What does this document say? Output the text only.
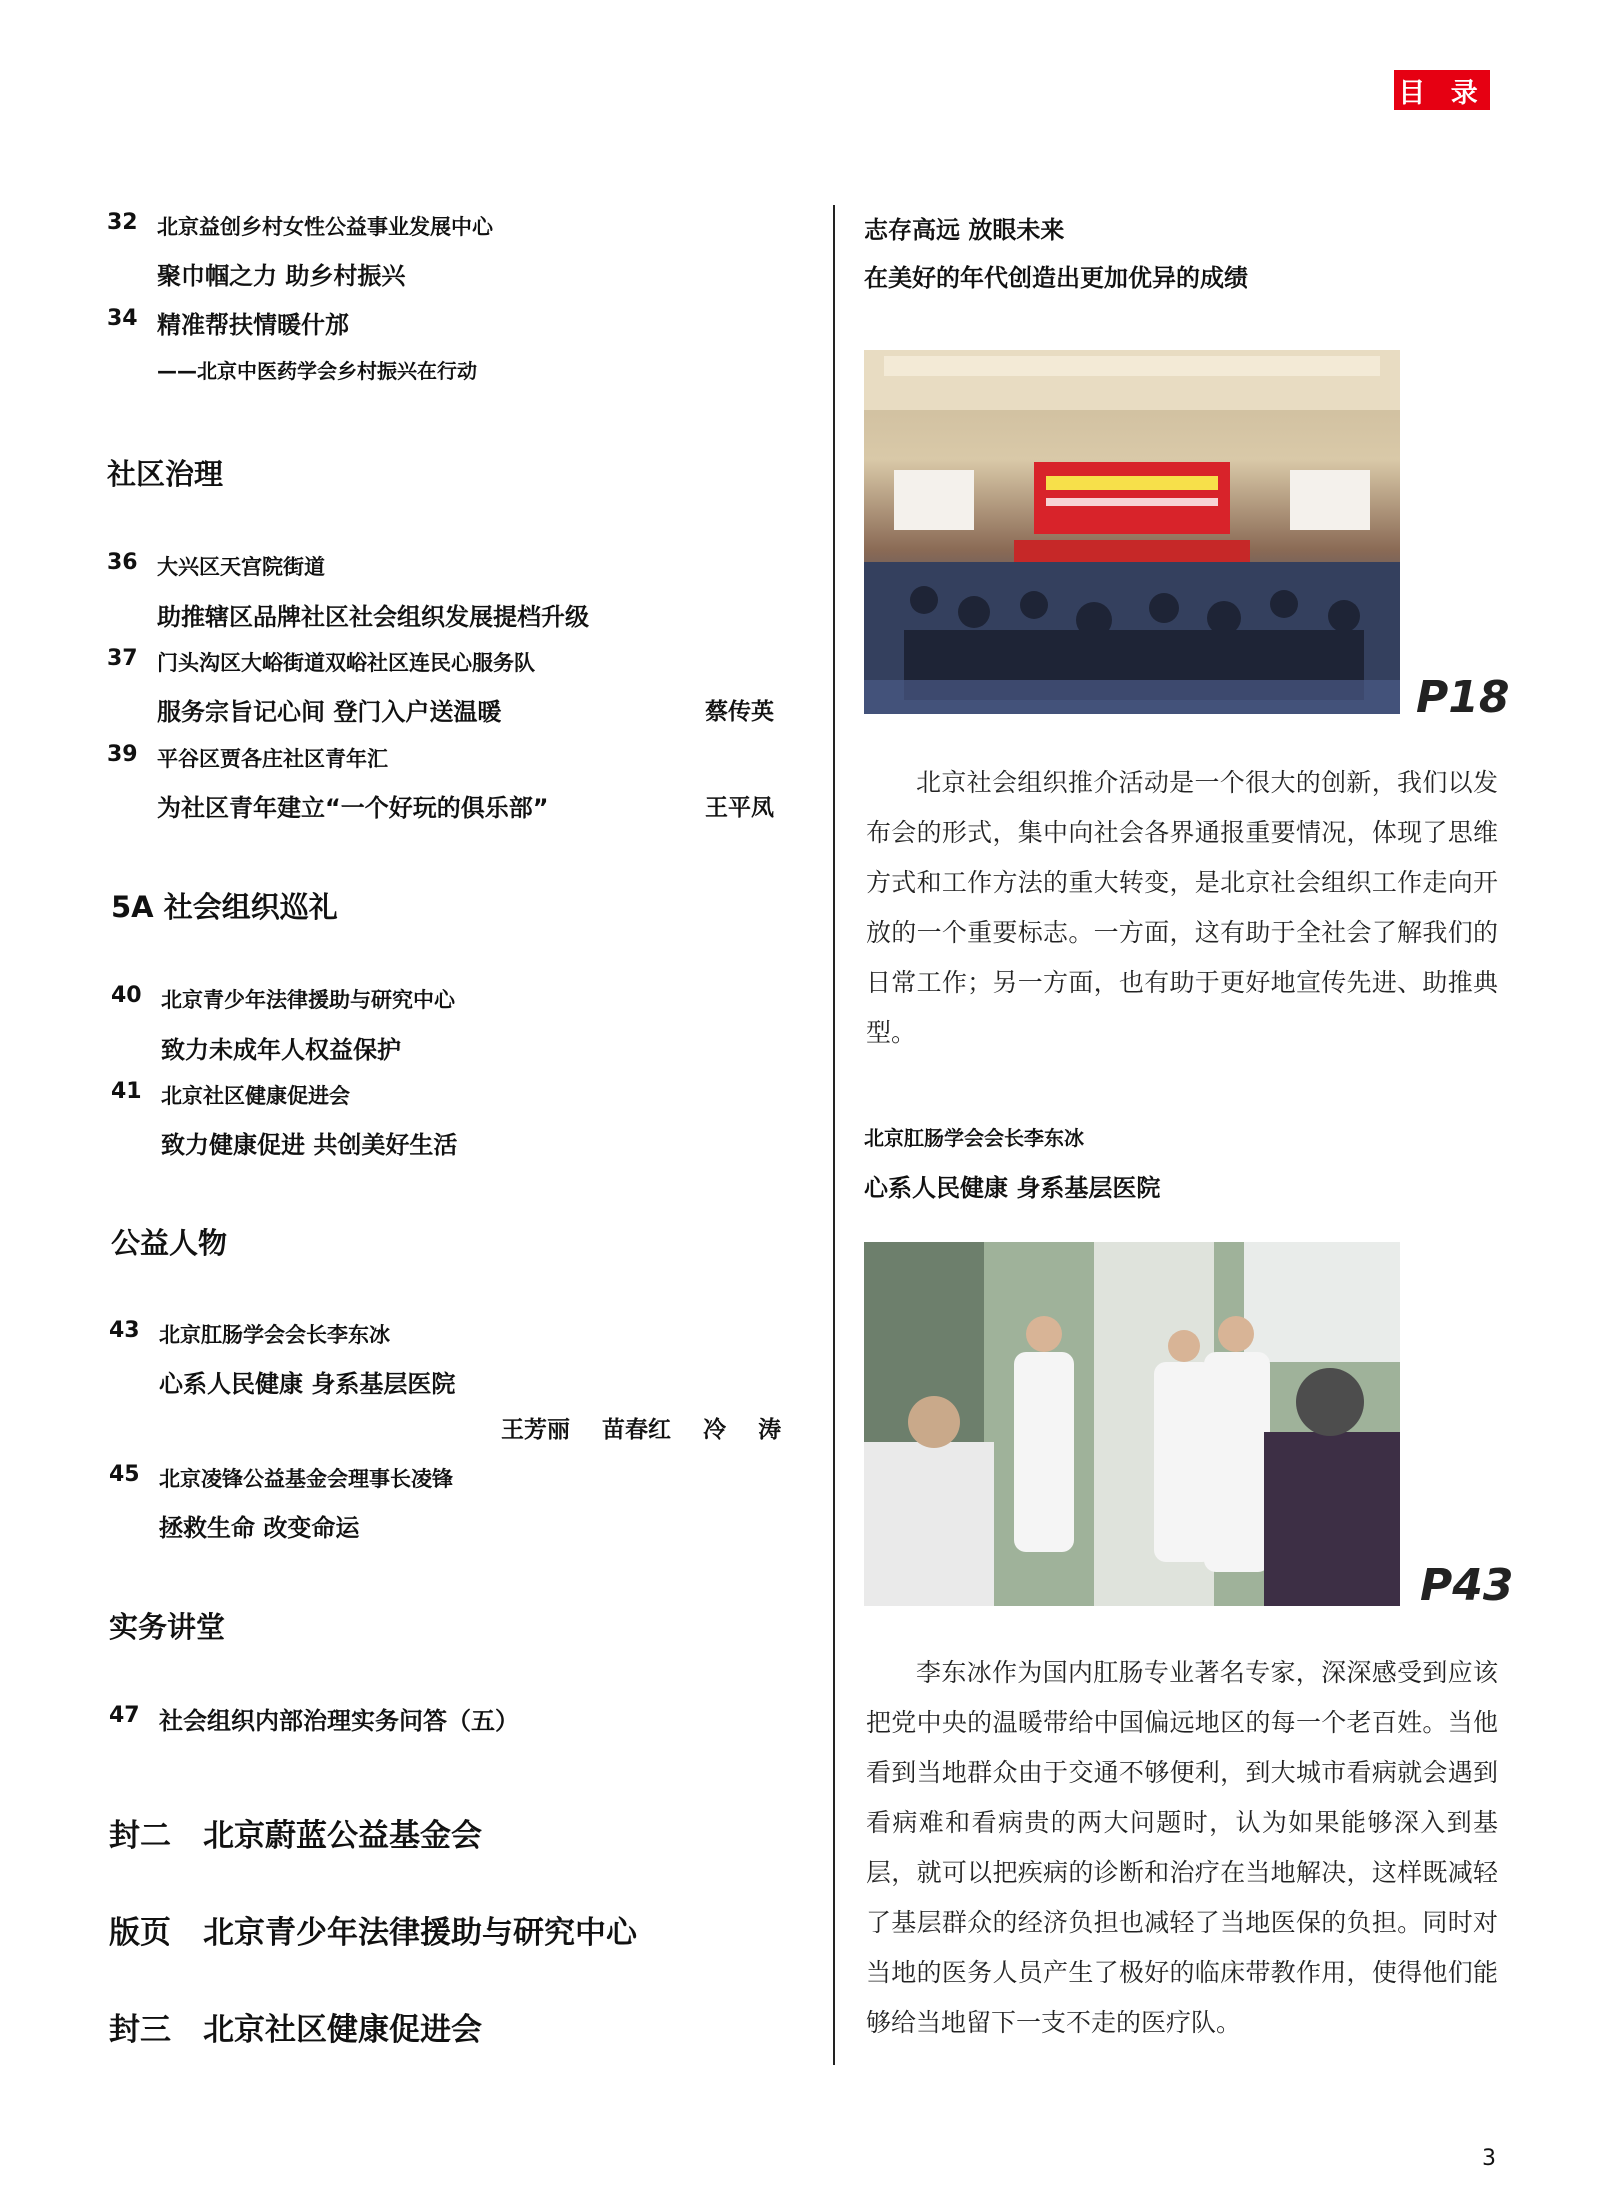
目 录
32 北京益创乡村女性公益事业发展中心
聚巾帼之力 助乡村振兴
34 精准帮扶情暖什邡
——北京中医药学会乡村振兴在行动
社区治理
36 大兴区天宫院街道
助推辖区品牌社区社会组织发展提档升级
37 门头沟区大峪街道双峪社区连民心服务队
服务宗旨记心间 登门入户送温暖	蔡传英
39 平谷区贾各庄社区青年汇
为社区青年建立“一个好玩的俱乐部”	王平凤
5A 社会组织巡礼
40 北京青少年法律援助与研究中心
致力未成年人权益保护
41 北京社区健康促进会
致力健康促进 共创美好生活
公益人物
43 北京肛肠学会会长李东冰
心系人民健康 身系基层医院
王芳丽    苗春红    冷    涛
45 北京凌锋公益基金会理事长凌锋
拯救生命 改变命运
实务讲堂
47 社会组织内部治理实务问答（五）
封二 北京蔚蓝公益基金会
版页 北京青少年法律援助与研究中心
封三 北京社区健康促进会
志存高远 放眼未来
在美好的年代创造出更加优异的成绩
P18
北京社会组织推介活动是一个很大的创新，我们以发布会的形式，集中向社会各界通报重要情况，体现了思维方式和工作方法的重大转变，是北京社会组织工作走向开放的一个重要标志。一方面，这有助于全社会了解我们的日常工作；另一方面，也有助于更好地宣传先进、助推典型。
北京肛肠学会会长李东冰
心系人民健康 身系基层医院
P43
李东冰作为国内肛肠专业著名专家，深深感受到应该把党中央的温暖带给中国偏远地区的每一个老百姓。当他看到当地群众由于交通不够便利，到大城市看病就会遇到看病难和看病贵的两大问题时，认为如果能够深入到基层，就可以把疾病的诊断和治疗在当地解决，这样既减轻了基层群众的经济负担也减轻了当地医保的负担。同时对当地的医务人员产生了极好的临床带教作用，使得他们能够给当地留下一支不走的医疗队。
3
